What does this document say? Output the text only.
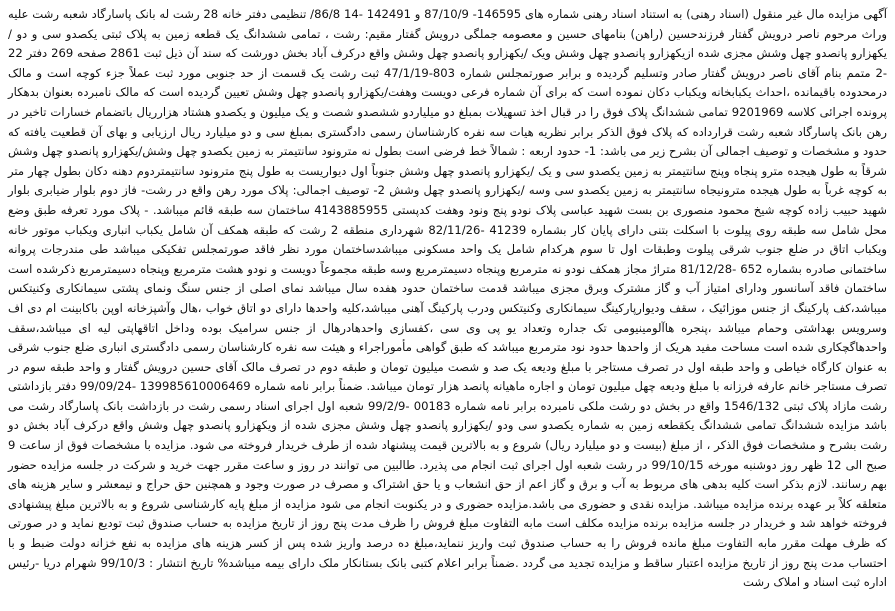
آگهی مزایده مال غیر منقول (اسناد رهنی) به استناد اسناد رهنی شماره های 146595- 87/10/9 و 142491 -14 86/8/ تنظیمی دفتر خانه 28 رشت له بانک پاسارگاد شعبه رشت علیه وراث مرحوم ناصر درویش گفتار فرزندحسین (راهن) بنامهای حسین و معصومه جملگی درویش گفتار مقیم: رشت ، تمامی ششدانگ یک قطعه زمین به پلاک ثبتی یکصدو سی و دو /یکهزارو پانصدو چهل وشش مجزی شده ازیکهزارو پانصدو چهل وشش ویک /یکهزارو پانصدو چهل وشش واقع درکرف آباد بخش دورشت که سند آن ذیل ثبت 2861 صفحه 269 دفتر 22 -2 متمم بنام آقای ناصر درویش گفتار صادر وتسلیم گردیده و برابر صورتمجلس شماره 803-47/1/19 ثبت رشت یک قسمت از حد جنوبی مورد ثبت عملاً جزء کوچه است و مالک درمحدوده باقیمانده ،احداث یکبابخانه ویکباب دکان نموده است که برای آن شماره فرعی دویست وهفت/یکهزارو پانصدو چهل وشش تعیین گردیده است که مالک نامبرده بعنوان بدهکار پرونده اجرائی کلاسه 9201969 تمامی ششدانگ پلاک فوق را در قبال اخذ تسهیلات بمبلغ دو میلیاردو ششصدو شصت و یک میلیون و یکصدو هشتاد هزارریال باتضمام خسارات تاخیر در رهن بانک پاسارگاد شعبه رشت قرارداده که پلاک فوق الذکر برابر نظریه هیات سه نفره کارشناسان رسمی دادگستری بمبلغ سی و دو میلیارد ریال ارزیابی و بهای آن قطعیت یافته که حدود و مشخصات و توصیف اجمالی آن بشرح زیر می باشد: 1- حدود اربعه : شمالاً خط فرضی است بطول نه مترونود سانتیمتر به زمین یکصدو چهل وشش/یکهزارو پانصدو چهل وشش شرقاً به طول هیجده مترو پنجاه وپنج سانتیمتر به زمین یکصدو سی و یک /یکهزارو پانصدو چهل وشش جنوباً اول دیواریست به طول پنج مترونود سانتیمتردوم دهنه دکان بطول چهار متر به کوچه غرباً به طول هیجده مترونیجاه سانتیمتر به زمین یکصدو سی وسه /یکهزارو پانصدو چهل وشش 2- توصیف اجمالی: پلاک مورد رهن واقع در رشت- فاز دوم بلوار ضیابری بلوار شهید حبیب زاده کوچه شیخ محمود منصوری بن بست شهید عباسی پلاک نودو پنج ونود وهفت کدپستی 4143885955 ساختمان سه طبقه قائم میباشد. - پلاک مورد تعرفه طبق وضع محل شامل سه طبقه روی پیلوت با اسکلت بتنی دارای پایان کار بشماره 41239 -82/11/26 شهرداری منطقه 2 رشت که طبقه همکف آن شامل یکباب انباری ویکباب موتور خانه ویکباب اتاق در ضلع جنوب شرقی پیلوت وطبقات اول تا سوم هرکدام شامل یک واحد مسکونی میباشدساختمان مورد نظر فاقد صورتمجلس تفکیکی میباشد طی مندرجات پروانه ساختمانی صادره بشماره 652 -81/12/28 متراژ مجاز همکف نودو نه مترمربع وپنجاه دسیمترمربع وسه طبقه مجموعاً دویست و نودو هشت مترمربع وپنجاه دسیمترمربع ذکرشده است ساختمان فاقد آسانسور ودارای امتیاز آب و گاز مشترک وبرق مجزی میباشد قدمت ساختمان حدود هفده سال میباشد نمای اصلی از جنس سنگ ونمای پشتی سیمانکاری وکنیتکس میباشد،کف پارکینگ از جنس موزائیک ، سقف ودیوارپارکینگ سیمانکاری وکنیتکس ودرب پارکینگ آهنی میباشد،کلیه واحدها دارای دو اتاق خواب ،هال وآشپزخانه اوپن باکابینت ام دی اف وسرویس بهداشتی وحمام میباشد ،پنجره هاآلومینیومی تک جداره وتعداد یو پی وی سی ،کفسازی واحدهادرهال از جنس سرامیک بوده وداخل اتاقهاپتی لیه ای میباشد،سقف واحدهاگچکاری شده است مساحت مفید هریک از واحدها حدود نود مترمربع میباشد که طبق گواهی مأموراجراء و هیئت سه نفره کارشناسان رسمی دادگستری انباری ضلع جنوب شرقی به عنوان کارگاه خیاطی و واحد طبقه اول در تصرف مستاجر با مبلغ ودیعه یک صد و شصت میلیون تومان و طبقه دوم در تصرف مالک آقای حسین درویش گفتار و واحد طبقه سوم در تصرف مستاجر خانم عارفه فرزانه با مبلغ ودیعه چهل میلیون تومان و اجاره ماهیانه پانصد هزار تومان میباشد. ضمناً برابر نامه شماره 139985610006469 -99/09/24 دفتر بازداشتی رشت مازاد پلاک ثبتی 1546/132 واقع در بخش دو رشت ملکی نامبرده برابر نامه شماره 00183 -99/2/9 شعبه اول اجرای اسناد رسمی رشت در بازداشت بانک پاسارگاد رشت می باشد مزایده ششدانگ تمامی ششدانگ یکقطعه زمین به شماره یکصدو سی ودو /یکهزارو پانصدو چهل وشش مجزی شده از ویکهزارو پانصدو چهل وشش واقع درکرف آباد بخش دو رشت بشرح و مشخصات فوق الذکر ، از مبلغ (بیست و دو میلیارد ریال) شروع و به بالاترین قیمت پیشنهاد شده از طرف خریدار فروخته می شود. مزایده با مشخصات فوق از ساعت 9 صبح الی 12 ظهر روز دوشنبه مورخه 99/10/15 در رشت شعبه اول اجرای ثبت انجام می پذیرد. طالبین می توانند در روز و ساعت مقرر جهت خرید و شرکت در جلسه مزایده حضور بهم رسانند. لازم بذکر است کلیه بدهی های مربوط به آب و برق و گاز اعم از حق انشعاب و یا حق اشتراک و مصرف در صورت وجود و همچنین حق حراج و نیمعشر و سایر هزینه های متعلقه کلاً بر عهده برنده مزایده میباشد. مزایده نقدی و حضوری می باشد.مزایده حضوری و در یکنوبت انجام می شود مزایده از مبلغ پایه کارشناسی شروع و به بالاترین مبلغ پیشنهادی فروخته خواهد شد و خریدار در جلسه مزایده برنده مزایده مکلف است مابه التفاوت مبلغ فروش را ظرف مدت پنج روز از تاریخ مزایده به حساب صندوق ثبت تودیع نماید و در صورتی که ظرف مهلت مقرر مابه التفاوت مبلغ مانده فروش را به حساب صندوق ثبت واریز ننماید،مبلغ ده درصد واریز شده پس از کسر هزینه های مزایده به نفع خزانه دولت ضبط و با احتساب مدت پنج روز از تاریخ مزایده اعتبار ساقط و مزایده تجدید می گردد .ضمناً برابر اعلام کتبی بانک بستانکار ملک دارای بیمه میباشد% تاریخ انتشار : 99/10/3 شهرام دریا -رئیس اداره ثبت اسناد و املاک رشت
